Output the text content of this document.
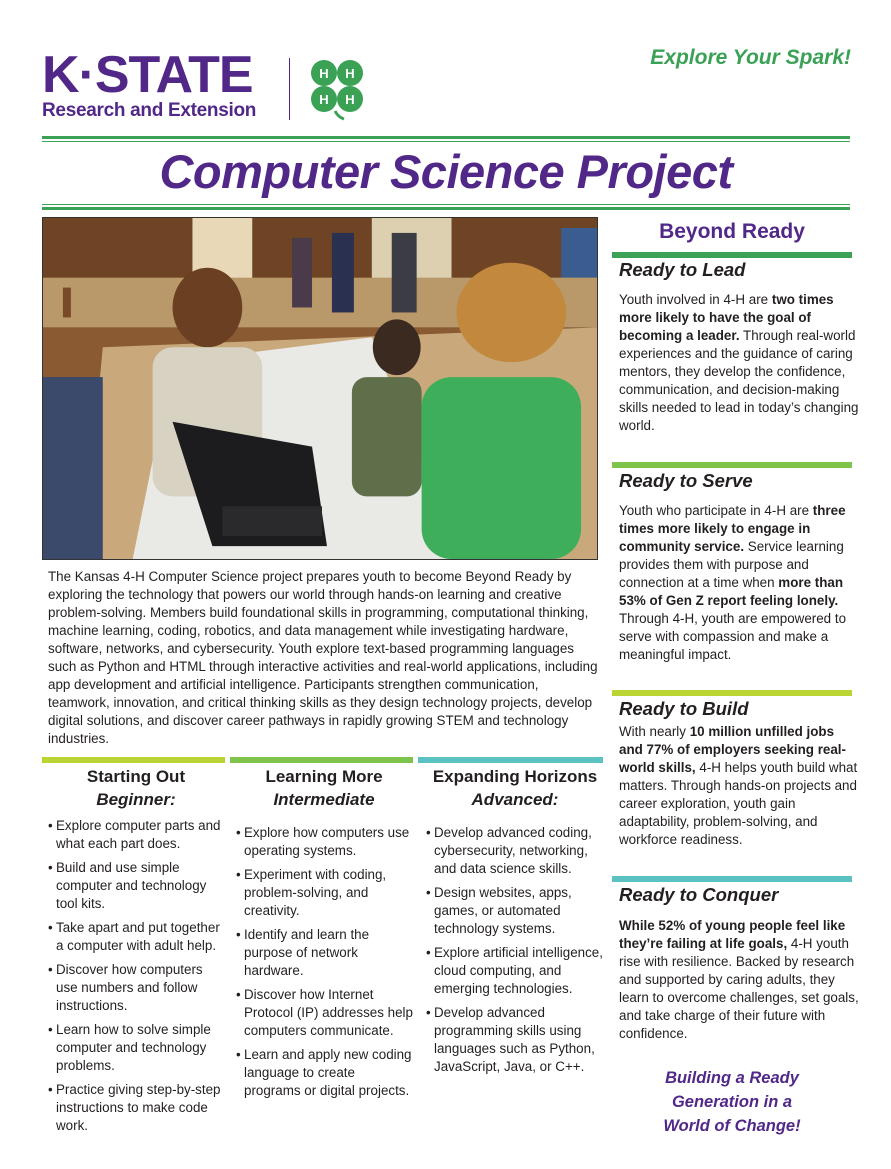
K·STATE
Research and Extension
H H
H H
Explore Your Spark!
Computer Science Project
The Kansas 4-H Computer Science project prepares youth to become Beyond Ready by exploring the technology that powers our world through hands-on learning and creative problem-solving. Members build foundational skills in programming, computational thinking, machine learning, coding, robotics, and data management while investigating hardware, software, networks, and cybersecurity. Youth explore text-based programming languages such as Python and HTML through interactive activities and real-world applications, including app development and artificial intelligence. Participants strengthen communication, teamwork, innovation, and critical thinking skills as they design technology projects, develop digital solutions, and discover career pathways in rapidly growing STEM and technology industries.
Starting Out
Beginner:
• Explore computer parts and what each part does.
• Build and use simple computer and technology tool kits.
• Take apart and put together a computer with adult help.
• Discover how computers use numbers and follow instructions.
• Learn how to solve simple computer and technology problems.
• Practice giving step-by-step instructions to make code work.
Learning More
Intermediate
• Explore how computers use operating systems.
• Experiment with coding, problem-solving, and creativity.
• Identify and learn the purpose of network hardware.
• Discover how Internet Protocol (IP) addresses help computers communicate.
• Learn and apply new coding language to create programs or digital projects.
Expanding Horizons
Advanced:
• Develop advanced coding, cybersecurity, networking, and data science skills.
• Design websites, apps, games, or automated technology systems.
• Explore artificial intelligence, cloud computing, and emerging technologies.
• Develop advanced programming skills using languages such as Python, JavaScript, Java, or C++.
Beyond Ready
Ready to Lead
Youth involved in 4-H are two times more likely to have the goal of becoming a leader. Through real-world experiences and the guidance of caring mentors, they develop the confidence, communication, and decision-making skills needed to lead in today’s changing world.
Ready to Serve
Youth who participate in 4-H are three times more likely to engage in community service. Service learning provides them with purpose and connection at a time when more than 53% of Gen Z report feeling lonely. Through 4-H, youth are empowered to serve with compassion and make a meaningful impact.
Ready to Build
With nearly 10 million unfilled jobs and 77% of employers seeking real-world skills, 4-H helps youth build what matters. Through hands-on projects and career exploration, youth gain adaptability, problem-solving, and workforce readiness.
Ready to Conquer
While 52% of young people feel like they’re failing at life goals, 4-H youth rise with resilience. Backed by research and supported by caring adults, they learn to overcome challenges, set goals, and take charge of their future with confidence.
Building a Ready
Generation in a
World of Change!
